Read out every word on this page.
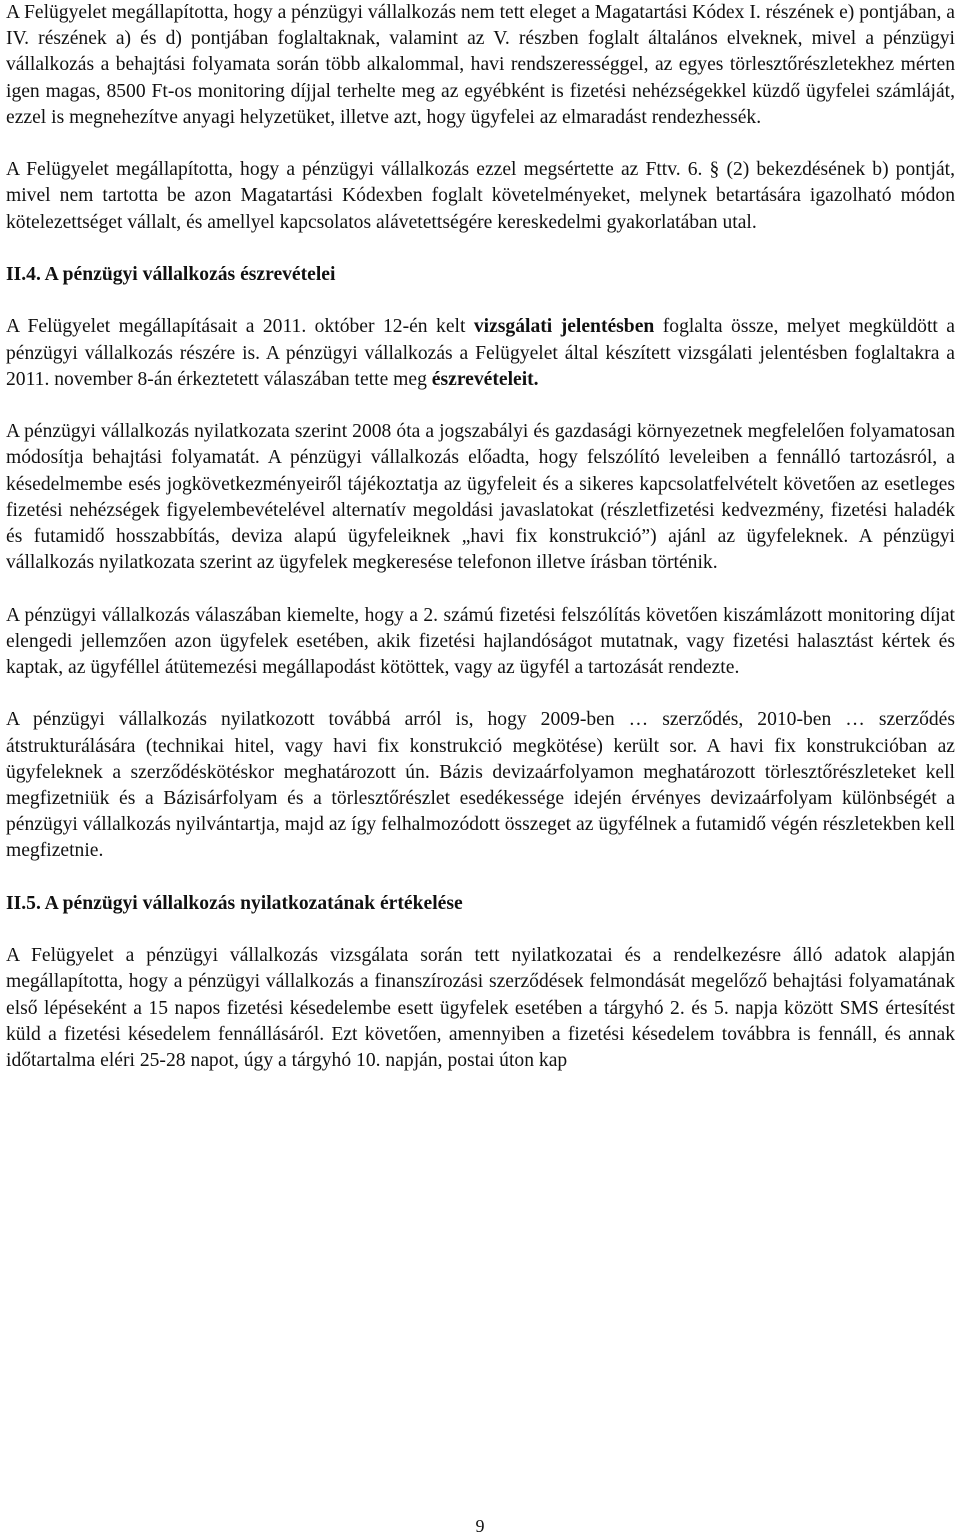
A Felügyelet megállapította, hogy a pénzügyi vállalkozás nem tett eleget a Magatartási Kódex I. részének e) pontjában, a IV. részének a) és d) pontjában foglaltaknak, valamint az V. részben foglalt általános elveknek, mivel a pénzügyi vállalkozás a behajtási folyamata során több alkalommal, havi rendszerességgel, az egyes törlesztőrészletekhez mérten igen magas, 8500 Ft-os monitoring díjjal terhelte meg az egyébként is fizetési nehézségekkel küzdő ügyfelei számláját, ezzel is megnehezítve anyagi helyzetüket, illetve azt, hogy ügyfelei az elmaradást rendezhessék.

A Felügyelet megállapította, hogy a pénzügyi vállalkozás ezzel megsértette az Fttv. 6. § (2) bekezdésének b) pontját, mivel nem tartotta be azon Magatartási Kódexben foglalt követelményeket, melynek betartására igazolható módon kötelezettséget vállalt, és amellyel kapcsolatos alávetettségére kereskedelmi gyakorlatában utal.

II.4. A pénzügyi vállalkozás észrevételei

A Felügyelet megállapításait a 2011. október 12-én kelt vizsgálati jelentésben foglalta össze, melyet megküldött a pénzügyi vállalkozás részére is. A pénzügyi vállalkozás a Felügyelet által készített vizsgálati jelentésben foglaltakra a 2011. november 8-án érkeztetett válaszában tette meg észrevételeit.

A pénzügyi vállalkozás nyilatkozata szerint 2008 óta a jogszabályi és gazdasági környezetnek megfelelően folyamatosan módosítja behajtási folyamatát. A pénzügyi vállalkozás előadta, hogy felszólító leveleiben a fennálló tartozásról, a késedelmembe esés jogkövetkezményeiről tájékoztatja az ügyfeleit és a sikeres kapcsolatfelvételt követően az esetleges fizetési nehézségek figyelembevételével alternatív megoldási javaslatokat (részletfizetési kedvezmény, fizetési haladék és futamidő hosszabbítás, deviza alapú ügyfeleiknek „havi fix konstrukció”) ajánl az ügyfeleknek. A pénzügyi vállalkozás nyilatkozata szerint az ügyfelek megkeresése telefonon illetve írásban történik.

A pénzügyi vállalkozás válaszában kiemelte, hogy a 2. számú fizetési felszólítás követően kiszámlázott monitoring díjat elengedi jellemzően azon ügyfelek esetében, akik fizetési hajlandóságot mutatnak, vagy fizetési halasztást kértek és kaptak, az ügyféllel átütemezési megállapodást kötöttek, vagy az ügyfél a tartozását rendezte.

A pénzügyi vállalkozás nyilatkozott továbbá arról is, hogy 2009-ben … szerződés, 2010-ben … szerződés átstrukturálására (technikai hitel, vagy havi fix konstrukció megkötése) került sor. A havi fix konstrukcióban az ügyfeleknek a szerződéskötéskor meghatározott ún. Bázis devizaárfolyamon meghatározott törlesztőrészleteket kell megfizetniük és a Bázisárfolyam és a törlesztőrészlet esedékessége idején érvényes devizaárfolyam különbségét a pénzügyi vállalkozás nyilvántartja, majd az így felhalmozódott összeget az ügyfélnek a futamidő végén részletekben kell megfizetnie.

II.5. A pénzügyi vállalkozás nyilatkozatának értékelése

A Felügyelet a pénzügyi vállalkozás vizsgálata során tett nyilatkozatai és a rendelkezésre álló adatok alapján megállapította, hogy a pénzügyi vállalkozás a finanszírozási szerződések felmondását megelőző behajtási folyamatának első lépéseként a 15 napos fizetési késedelembe esett ügyfelek esetében a tárgyhó 2. és 5. napja között SMS értesítést küld a fizetési késedelem fennállásáról. Ezt követően, amennyiben a fizetési késedelem továbbra is fennáll, és annak időtartalma eléri 25-28 napot, úgy a tárgyhó 10. napján, postai úton kap

9
